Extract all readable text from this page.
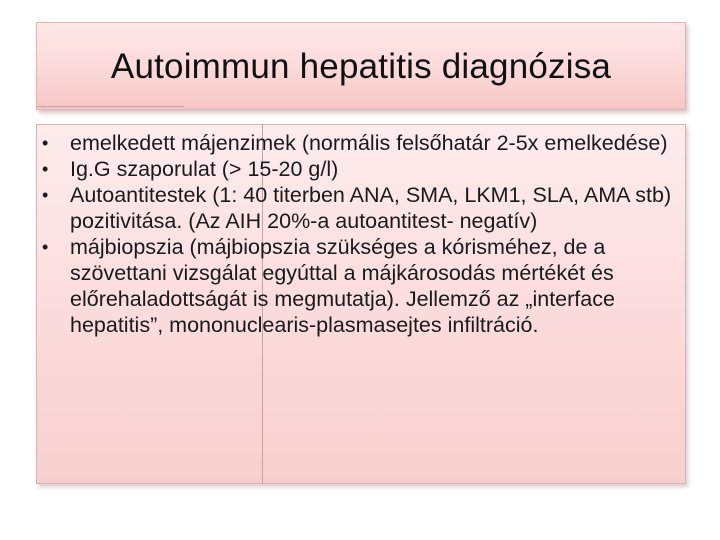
Autoimmun hepatitis diagnózisa
• emelkedett májenzimek (normális felsőhatár 2-5x emelkedése)
• Ig.G szaporulat (> 15-20 g/l)
• Autoantitestek (1: 40 titerben ANA, SMA, LKM1, SLA, AMA stb) pozitivitása. (Az AIH 20%-a autoantitest- negatív)
• májbiopszia (májbiopszia szükséges a kórisméhez, de a szövettani vizsgálat egyúttal a májkárosodás mértékét és előrehaladottságát is megmutatja). Jellemző az „interface hepatitis”, mononuclearis-plasmasejtes infiltráció.
